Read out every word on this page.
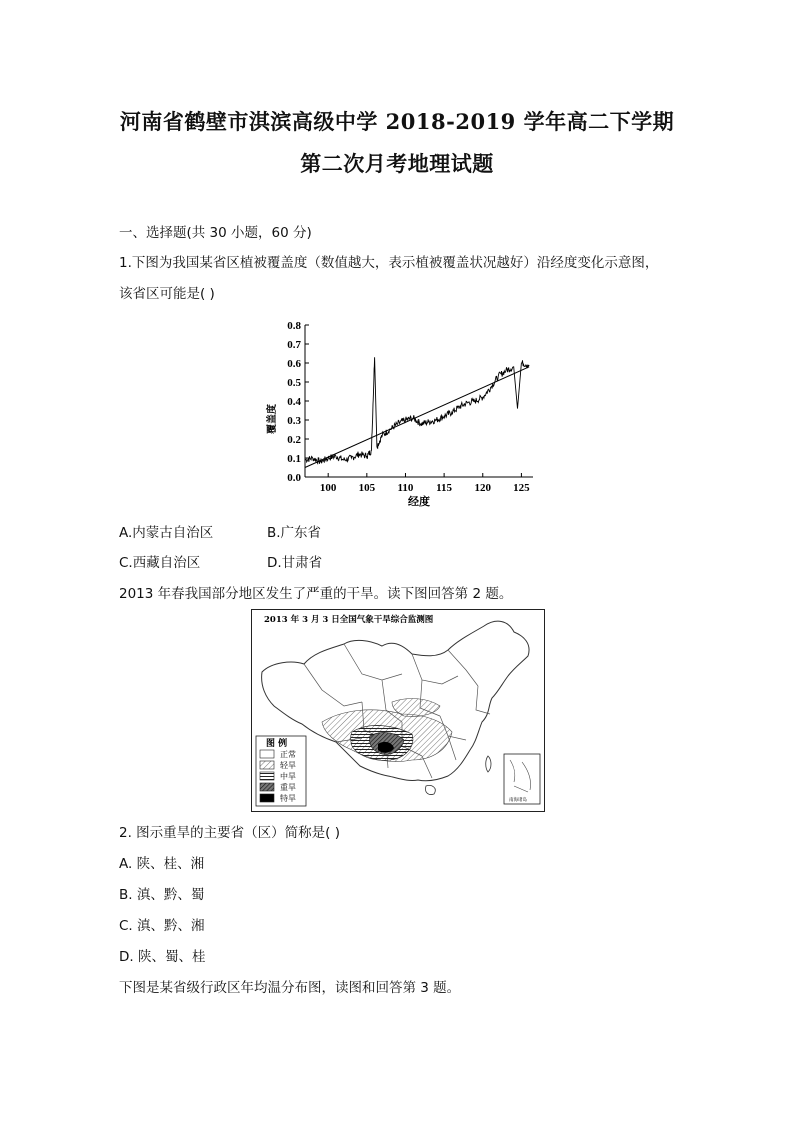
河南省鹤壁市淇滨高级中学 2018-2019 学年高二下学期
第二次月考地理试题
一、选择题(共 30 小题，60 分)
1.下图为我国某省区植被覆盖度（数值越大，表示植被覆盖状况越好）沿经度变化示意图，
该省区可能是( )
0.0
0.1
0.2
0.3
0.4
0.5
0.6
0.7
0.8
100 105 110 115 120 125
经度
覆盖度
A.内蒙古自治区	B.广东省
C.西藏自治区	D.甘肃省
2013 年春我国部分地区发生了严重的干旱。读下图回答第 2 题。
2013 年 3 月 3 日全国气象干旱综合监测图
图 例
正常
轻旱
中旱
重旱
特旱	南海诸岛
2. 图示重旱的主要省（区）简称是( )
A. 陕、桂、湘
B. 滇、黔、蜀
C. 滇、黔、湘
D. 陕、蜀、桂
下图是某省级行政区年均温分布图，读图和回答第 3 题。
